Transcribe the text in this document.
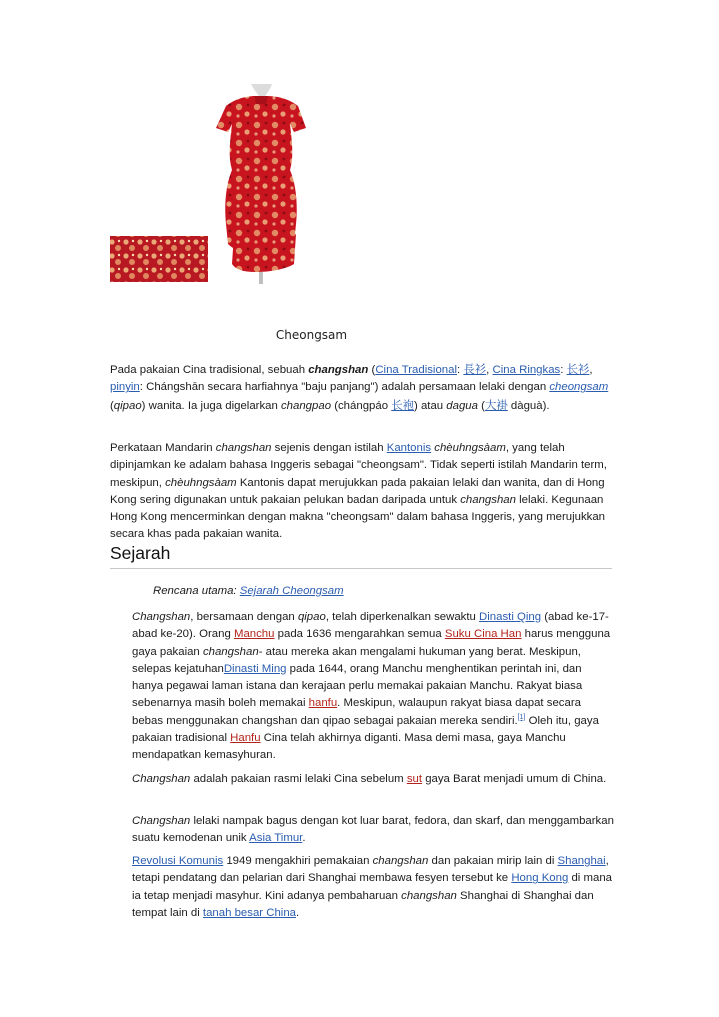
Cheongsam

Pada pakaian Cina tradisional, sebuah changshan (Cina Tradisional: 長衫, Cina Ringkas: 长衫, pinyin: Chángshān secara harfiahnya "baju panjang") adalah persamaan lelaki dengan cheongsam (qipao) wanita. Ia juga digelarkan changpao (chángpáo 长袍) atau dagua (大褂 dàguà).

Perkataan Mandarin changshan sejenis dengan istilah Kantonis chèuhngsàam, yang telah dipinjamkan ke adalam bahasa Inggeris sebagai "cheongsam". Tidak seperti istilah Mandarin term, meskipun, chèuhngsàam Kantonis dapat merujukkan pada pakaian lelaki dan wanita, dan di Hong Kong sering digunakan untuk pakaian pelukan badan daripada untuk changshan lelaki. Kegunaan Hong Kong mencerminkan dengan makna "cheongsam" dalam bahasa Inggeris, yang merujukkan secara khas pada pakaian wanita.

Sejarah
Rencana utama: Sejarah Cheongsam

Changshan, bersamaan dengan qipao, telah diperkenalkan sewaktu Dinasti Qing (abad ke-17-abad ke-20). Orang Manchu pada 1636 mengarahkan semua Suku Cina Han harus mengguna gaya pakaian changshan- atau mereka akan mengalami hukuman yang berat. Meskipun, selepas kejatuhanDinasti Ming pada 1644, orang Manchu menghentikan perintah ini, dan hanya pegawai laman istana dan kerajaan perlu memakai pakaian Manchu. Rakyat biasa sebenarnya masih boleh memakai hanfu. Meskipun, walaupun rakyat biasa dapat secara bebas menggunakan changshan dan qipao sebagai pakaian mereka sendiri.[1] Oleh itu, gaya pakaian tradisional Hanfu Cina telah akhirnya diganti. Masa demi masa, gaya Manchu mendapatkan kemasyhuran.

Changshan adalah pakaian rasmi lelaki Cina sebelum sut gaya Barat menjadi umum di China.

Changshan lelaki nampak bagus dengan kot luar barat, fedora, dan skarf, dan menggambarkan suatu kemodenan unik Asia Timur.

Revolusi Komunis 1949 mengakhiri pemakaian changshan dan pakaian mirip lain di Shanghai, tetapi pendatang dan pelarian dari Shanghai membawa fesyen tersebut ke Hong Kong di mana ia tetap menjadi masyhur. Kini adanya pembaharuan changshan Shanghai di Shanghai dan tempat lain di tanah besar China.
